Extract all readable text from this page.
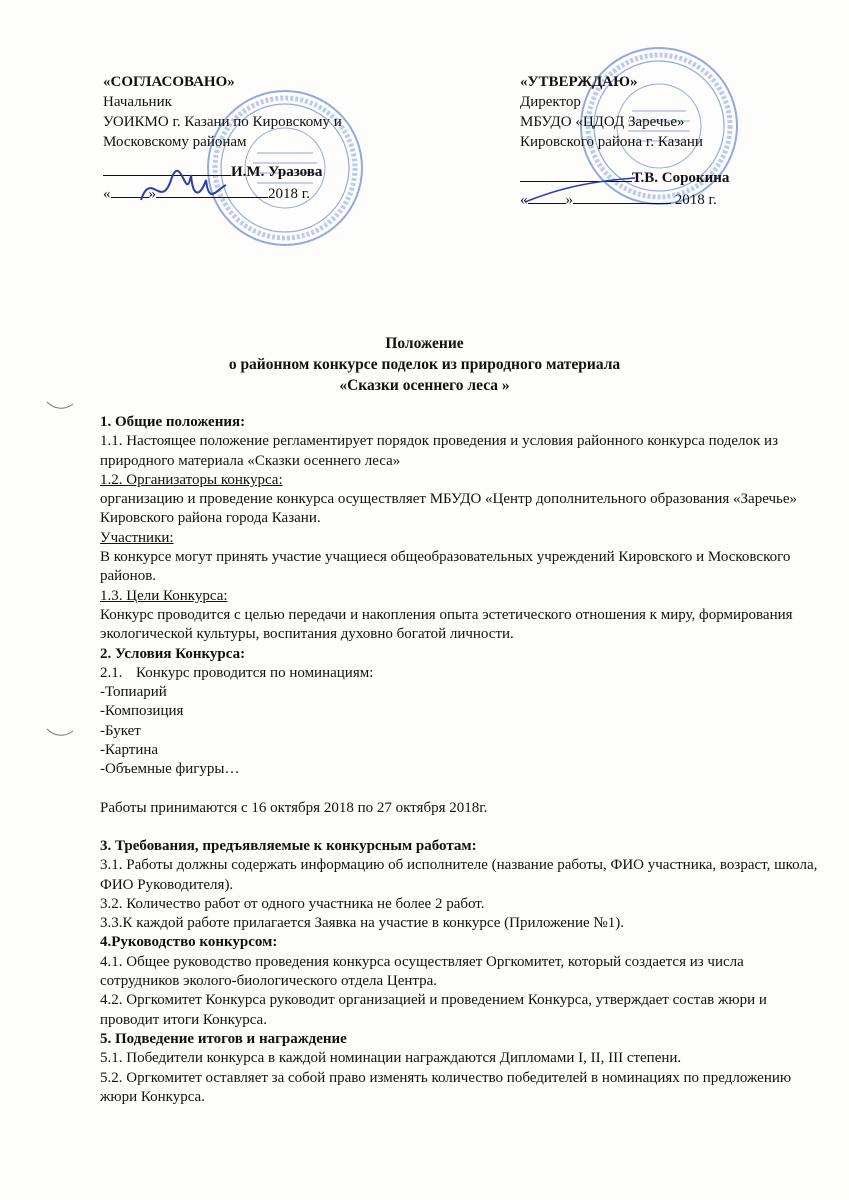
«СОГЛАСОВАНО»
Начальник
УОИКМО г. Казани по Кировскому и
Московскому районам
И.М. Уразова
«	»	2018 г.
«УТВЕРЖДАЮ»
Директор
МБУДО «ЦДОД Заречье»
Кировского района г. Казани
Т.В. Сорокина
«	»	2018 г.
Положение
о районном конкурсе поделок из природного материала
«Сказки осеннего леса »

1. Общие положения:

1.1. Настоящее положение регламентирует порядок проведения и условия районного конкурса поделок из природного материала «Сказки осеннего леса»

1.2. Организаторы конкурса:

организацию и проведение конкурса осуществляет МБУДО «Центр дополнительного образования «Заречье» Кировского района города Казани.

Участники:

В конкурсе могут принять участие учащиеся общеобразовательных учреждений Кировского и Московского районов.

1.3. Цели Конкурса:

Конкурс проводится с целью передачи и накопления опыта эстетического отношения к миру, формирования экологической культуры, воспитания духовно богатой личности.

2. Условия Конкурса:

2.1. Конкурс проводится по номинациям:

-Топиарий

-Композиция

-Букет

-Картина

-Объемные фигуры…

Работы принимаются с 16 октября 2018 по 27 октября 2018г.

3. Требования, предъявляемые к конкурсным работам:

3.1. Работы должны содержать информацию об исполнителе (название работы, ФИО участника, возраст, школа, ФИО Руководителя).

3.2. Количество работ от одного участника не более 2 работ.

3.3.К каждой работе прилагается Заявка на участие в конкурсе (Приложение №1).

4.Руководство конкурсом:

4.1. Общее руководство проведения конкурса осуществляет Оргкомитет, который создается из числа сотрудников эколого-биологического отдела Центра.

4.2. Оргкомитет Конкурса руководит организацией и проведением Конкурса, утверждает состав жюри и проводит итоги Конкурса.

5. Подведение итогов и награждение

5.1. Победители конкурса в каждой номинации награждаются Дипломами I, II, III степени.

5.2. Оргкомитет оставляет за собой право изменять количество победителей в номинациях по предложению жюри Конкурса.
